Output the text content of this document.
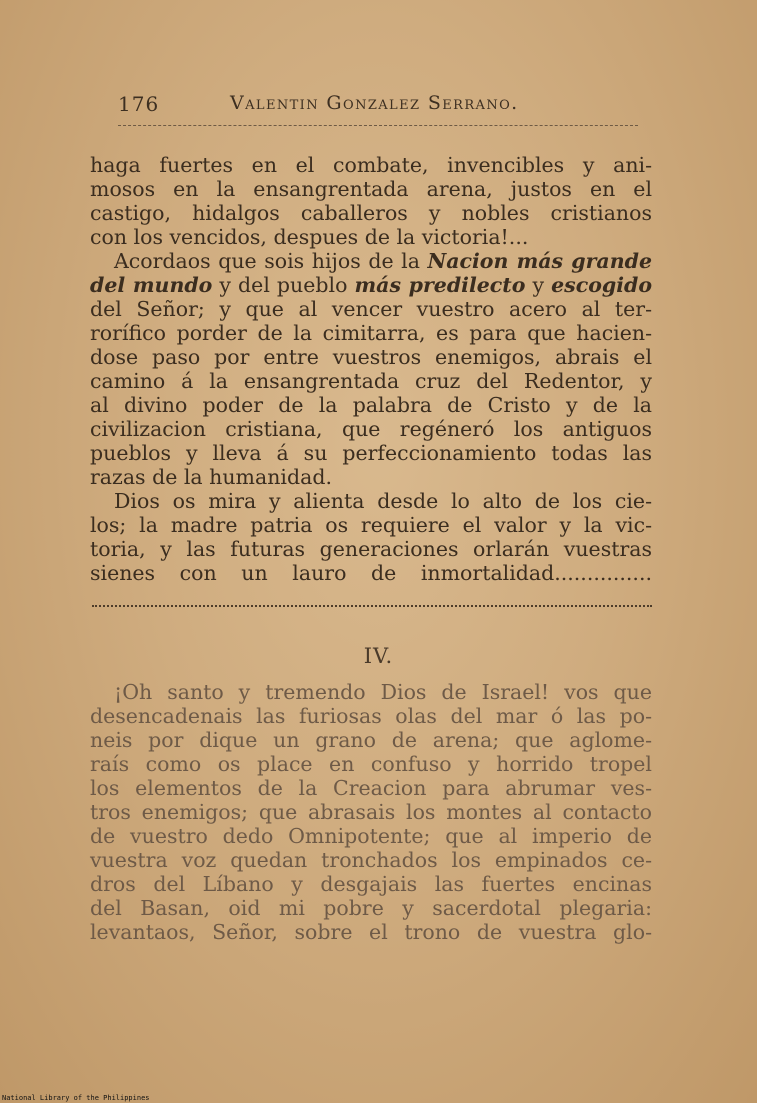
176	Valentin Gonzalez Serrano.
haga fuertes en el combate, invencibles y ani-
mosos en la ensangrentada arena, justos en el
castigo, hidalgos caballeros y nobles cristianos
con los vencidos, despues de la victoria!...
Acordaos que sois hijos de la Nacion más grande
del mundo y del pueblo más predilecto y escogido
del Señor; y que al vencer vuestro acero al ter-
rorífico porder de la cimitarra, es para que hacien-
dose paso por entre vuestros enemigos, abrais el
camino á la ensangrentada cruz del Redentor, y
al divino poder de la palabra de Cristo y de la
civilizacion cristiana, que regéneró los antiguos
pueblos y lleva á su perfeccionamiento todas las
razas de la humanidad.
Dios os mira y alienta desde lo alto de los cie-
los; la madre patria os requiere el valor y la vic-
toria, y las futuras generaciones orlarán vuestras
sienes con un lauro de inmortalidad...............
IV.
¡Oh santo y tremendo Dios de Israel! vos que
desencadenais las furiosas olas del mar ó las po-
neis por dique un grano de arena; que aglome-
raís como os place en confuso y horrido tropel
los elementos de la Creacion para abrumar ves-
tros enemigos; que abrasais los montes al contacto
de vuestro dedo Omnipotente; que al imperio de
vuestra voz quedan tronchados los empinados ce-
dros del Líbano y desgajais las fuertes encinas
del Basan, oid mi pobre y sacerdotal plegaria:
levantaos, Señor, sobre el trono de vuestra glo-
National Library of the Philippines
